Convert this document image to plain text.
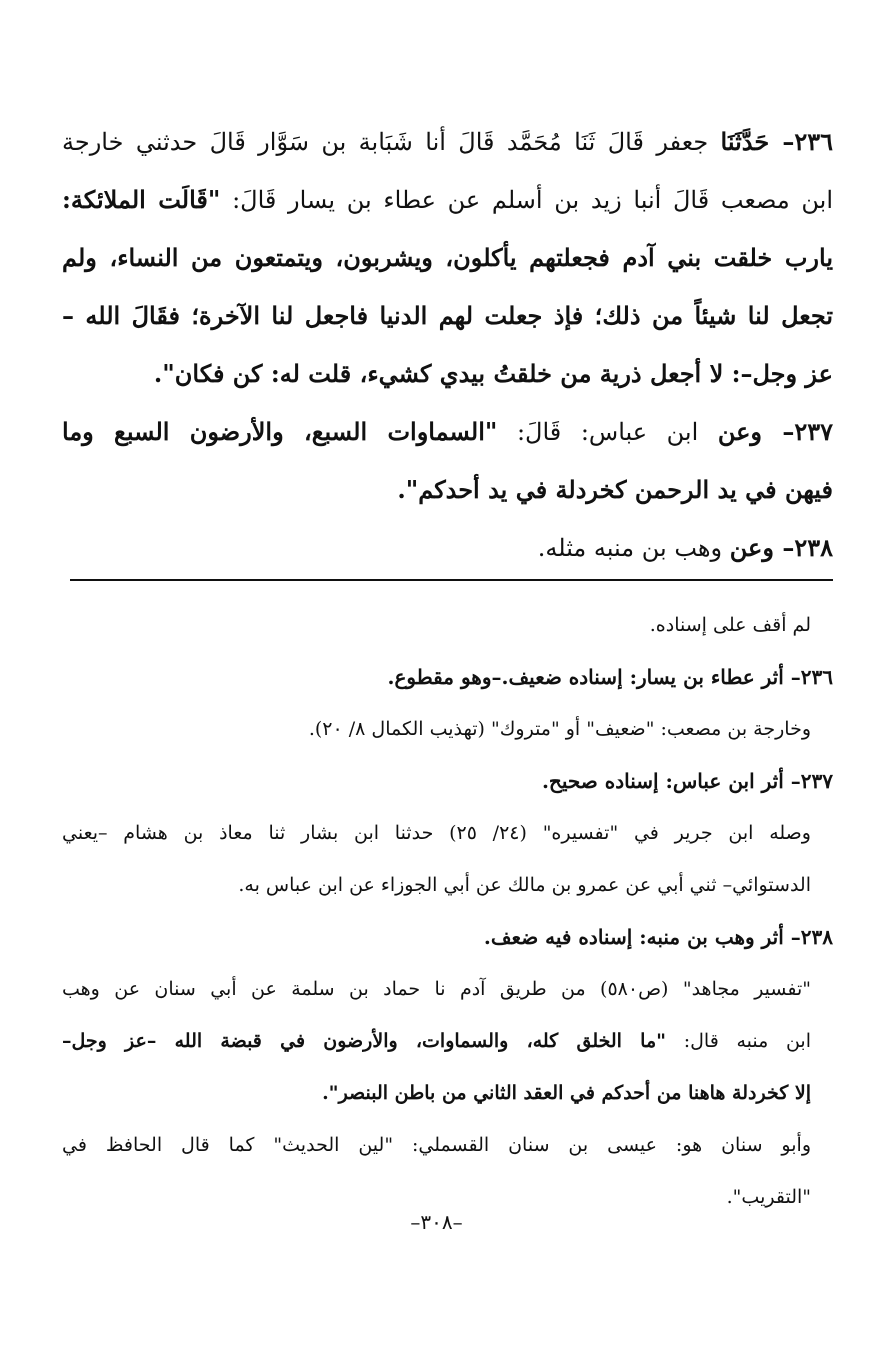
٢٣٦– حَدَّثَنَا جعفر قَالَ ثَنَا مُحَمَّد قَالَ أنا شَبَابة بن سَوَّار قَالَ حدثني خارجة
ابن مصعب قَالَ أنبا زيد بن أسلم عن عطاء بن يسار قَالَ: "قَالَت الملائكة:
يارب خلقت بني آدم فجعلتهم يأكلون، ويشربون، ويتمتعون من النساء، ولم
تجعل لنا شيئاً من ذلك؛ فإذ جعلت لهم الدنيا فاجعل لنا الآخرة؛ فقَالَ الله –
عز وجل–: لا أجعل ذرية من خلقتُ بيدي كشيء، قلت له: كن فكان".
٢٣٧– وعن ابن عباس: قَالَ: "السماوات السبع، والأرضون السبع وما
فيهن في يد الرحمن كخردلة في يد أحدكم".
٢٣٨– وعن وهب بن منبه مثله.
لم أقف على إسناده.
٢٣٦– أثر عطاء بن يسار: إسناده ضعيف.–وهو مقطوع.
وخارجة بن مصعب: "ضعيف" أو "متروك" (تهذيب الكمال ٨/ ٢٠).
٢٣٧– أثر ابن عباس: إسناده صحيح.
وصله ابن جرير في "تفسيره" (٢٤/ ٢٥) حدثنا ابن بشار ثنا معاذ بن هشام –يعني
الدستوائي– ثني أبي عن عمرو بن مالك عن أبي الجوزاء عن ابن عباس به.
٢٣٨– أثر وهب بن منبه: إسناده فيه ضعف.
"تفسير مجاهد" (ص٥٨٠) من طريق آدم نا حماد بن سلمة عن أبي سنان عن وهب
ابن منبه قال: "ما الخلق كله، والسماوات، والأرضون في قبضة الله –عز وجل–
إلا كخردلة هاهنا من أحدكم في العقد الثاني من باطن البنصر".
وأبو سنان هو: عيسى بن سنان القسملي: "لين الحديث" كما قال الحافظ في
"التقريب".
–٣٠٨–
